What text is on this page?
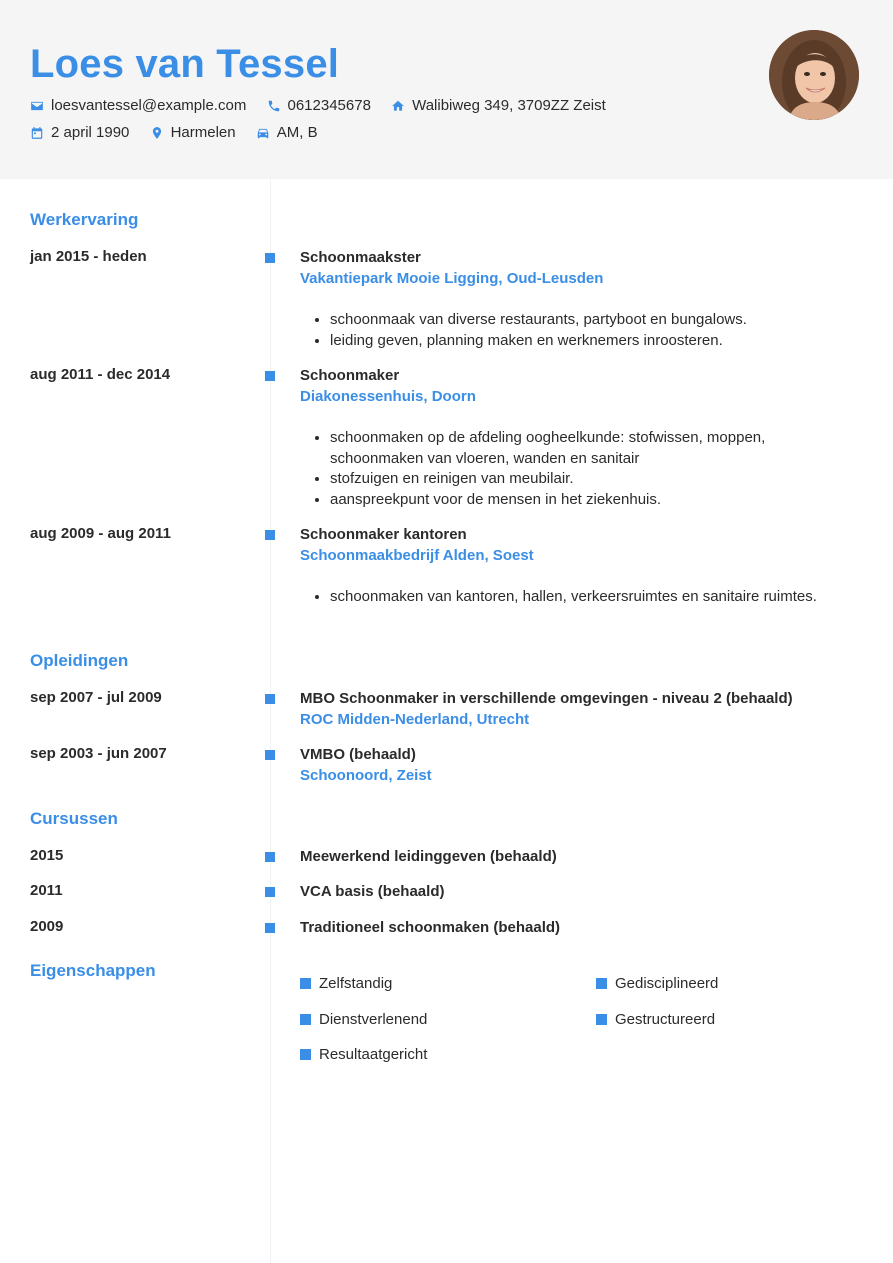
Loes van Tessel
loesvantessel@example.com
	0612345678
	Walibiweg 349, 3709ZZ Zeist
2 april 1990
	Harmelen
	AM, B
Werkervaring
jan 2015 - heden	Schoonmaakster
Vakantiepark Mooie Ligging, Oud-Leusden
• schoonmaak van diverse restaurants, partyboot en bungalows.
• leiding geven, planning maken en werknemers inroosteren.
aug 2011 - dec 2014	Schoonmaker
Diakonessenhuis, Doorn
• schoonmaken op de afdeling oogheelkunde: stofwissen, moppen, schoonmaken van vloeren, wanden en sanitair
• stofzuigen en reinigen van meubilair.
• aanspreekpunt voor de mensen in het ziekenhuis.
aug 2009 - aug 2011	Schoonmaker kantoren
Schoonmaakbedrijf Alden, Soest
• schoonmaken van kantoren, hallen, verkeersruimtes en sanitaire ruimtes.
Opleidingen
sep 2007 - jul 2009	MBO Schoonmaker in verschillende omgevingen - niveau 2 (behaald)
ROC Midden-Nederland, Utrecht
sep 2003 - jun 2007	VMBO (behaald)
Schoonoord, Zeist
Cursussen
2015	Meewerkend leidinggeven (behaald)
2011	VCA basis (behaald)
2009	Traditioneel schoonmaken (behaald)
Eigenschappen
Zelfstandig	Gedisciplineerd
Dienstverlenend	Gestructureerd
Resultaatgericht
